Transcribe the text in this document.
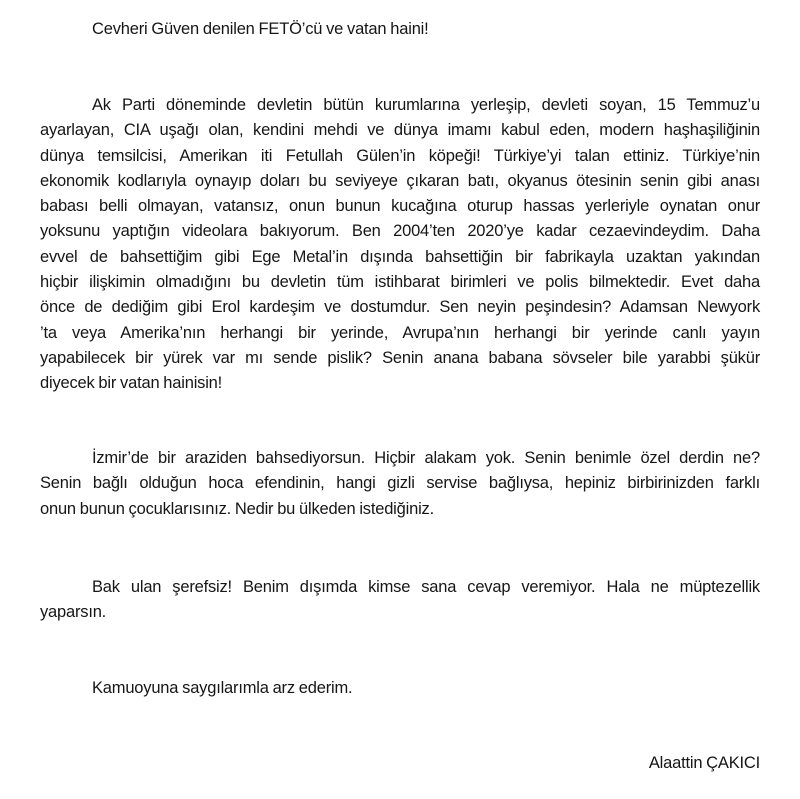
Cevheri Güven denilen FETÖ’cü ve vatan haini!
Ak Parti döneminde devletin bütün kurumlarına yerleşip, devleti soyan, 15 Temmuz’u
ayarlayan, CIA uşağı olan, kendini mehdi ve dünya imamı kabul eden, modern haşhaşiliğinin
dünya temsilcisi, Amerikan iti Fetullah Gülen’in köpeği! Türkiye’yi talan ettiniz. Türkiye’nin
ekonomik kodlarıyla oynayıp doları bu seviyeye çıkaran batı, okyanus ötesinin senin gibi anası
babası belli olmayan, vatansız, onun bunun kucağına oturup hassas yerleriyle oynatan onur
yoksunu yaptığın videolara bakıyorum. Ben 2004’ten 2020’ye kadar cezaevindeydim. Daha
evvel de bahsettiğim gibi Ege Metal’in dışında bahsettiğin bir fabrikayla uzaktan yakından
hiçbir ilişkimin olmadığını bu devletin tüm istihbarat birimleri ve polis bilmektedir. Evet daha
önce de dediğim gibi Erol kardeşim ve dostumdur. Sen neyin peşindesin? Adamsan Newyork
’ta veya Amerika’nın herhangi bir yerinde, Avrupa’nın herhangi bir yerinde canlı yayın
yapabilecek bir yürek var mı sende pislik? Senin anana babana sövseler bile yarabbi şükür
diyecek bir vatan hainisin!
İzmir’de bir araziden bahsediyorsun. Hiçbir alakam yok. Senin benimle özel derdin ne?
Senin bağlı olduğun hoca efendinin, hangi gizli servise bağlıysa, hepiniz birbirinizden farklı
onun bunun çocuklarısınız. Nedir bu ülkeden istediğiniz.
Bak ulan şerefsiz! Benim dışımda kimse sana cevap veremiyor. Hala ne müptezellik
yaparsın.
Kamuoyuna saygılarımla arz ederim.
Alaattin ÇAKICI
